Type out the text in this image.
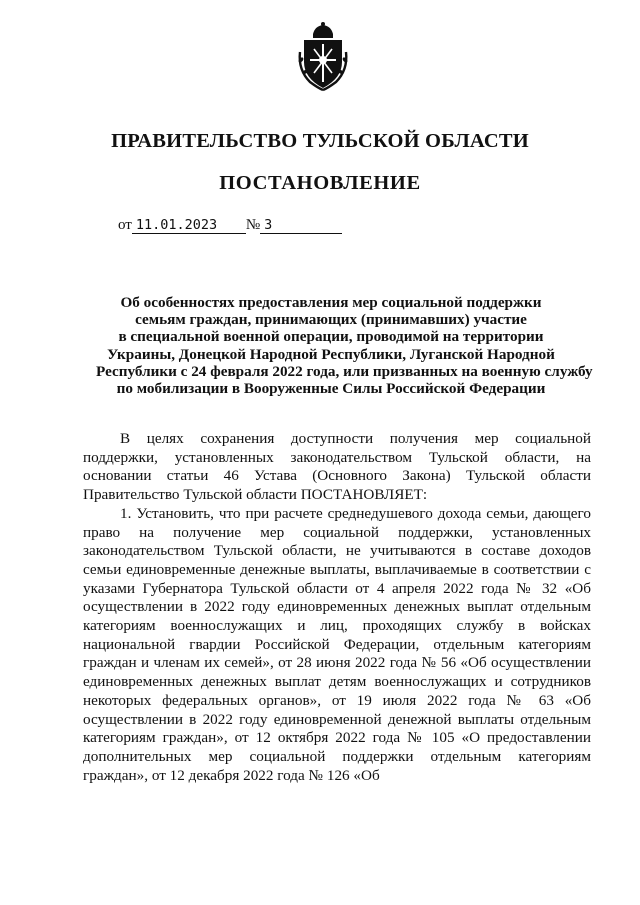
ПРАВИТЕЛЬСТВО ТУЛЬСКОЙ ОБЛАСТИ
ПОСТАНОВЛЕНИЕ
от 11.01.2023 № 3
Об особенностях предоставления мер социальной поддержки
семьям граждан, принимающих (принимавших) участие
в специальной военной операции, проводимой на территории
Украины, Донецкой Народной Республики, Луганской Народной
Республики с 24 февраля 2022 года, или призванных на военную службу
по мобилизации в Вооруженные Силы Российской Федерации

В целях сохранения доступности получения мер социальной поддержки, установленных законодательством Тульской области, на основании статьи 46 Устава (Основного Закона) Тульской области Правительство Тульской области ПОСТАНОВЛЯЕТ:

1. Установить, что при расчете среднедушевого дохода семьи, дающего право на получение мер социальной поддержки, установленных законодательством Тульской области, не учитываются в составе доходов семьи единовременные денежные выплаты, выплачиваемые в соответствии с указами Губернатора Тульской области от 4 апреля 2022 года № 32 «Об осуществлении в 2022 году единовременных денежных выплат отдельным категориям военнослужащих и лиц, проходящих службу в войсках национальной гвардии Российской Федерации, отдельным категориям граждан и членам их семей», от 28 июня 2022 года № 56 «Об осуществлении единовременных денежных выплат детям военнослужащих и сотрудников некоторых федеральных органов», от 19 июля 2022 года № 63 «Об осуществлении в 2022 году единовременной денежной выплаты отдельным категориям граждан», от 12 октября 2022 года № 105 «О предоставлении дополнительных мер социальной поддержки отдельным категориям граждан», от 12 декабря 2022 года № 126 «Об
